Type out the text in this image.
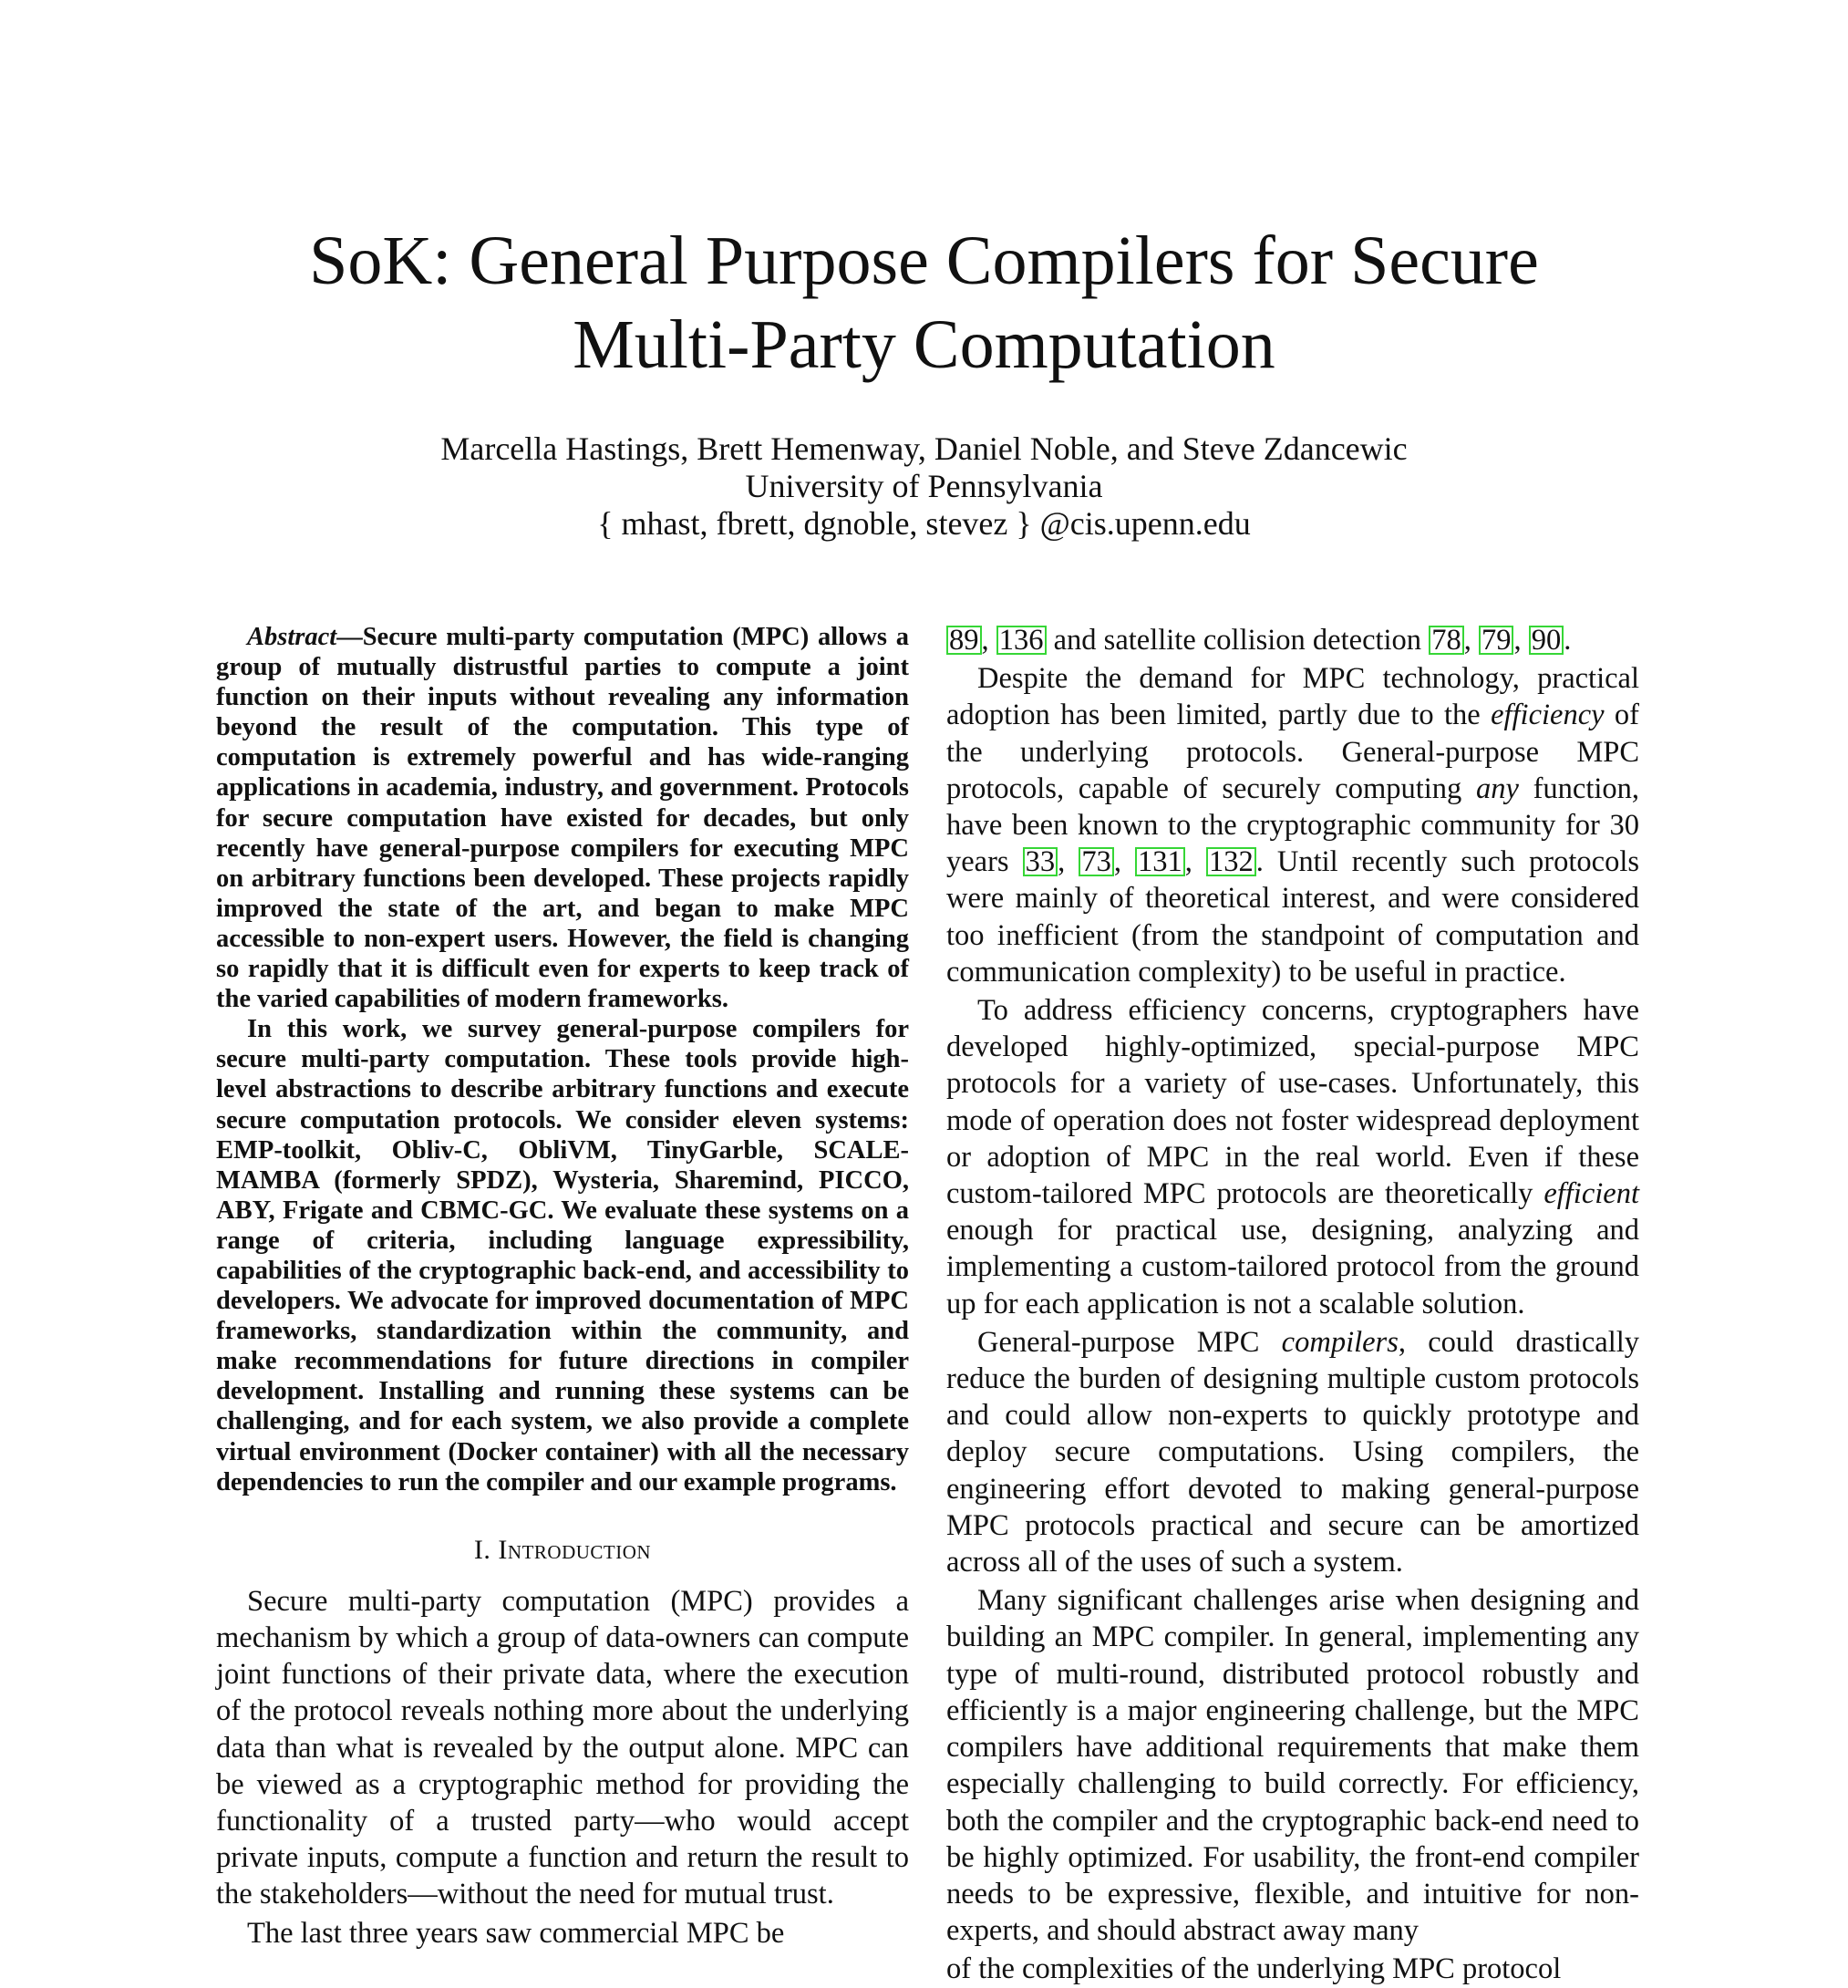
SoK: General Purpose Compilers for Secure
Multi-Party Computation
Marcella Hastings, Brett Hemenway, Daniel Noble, and Steve Zdancewic
University of Pennsylvania
{ mhast, fbrett, dgnoble, stevez } @cis.upenn.edu

Abstract—Secure multi-party computation (MPC) allows a group of mutually distrustful parties to compute a joint function on their inputs without revealing any information beyond the result of the computation. This type of computation is extremely powerful and has wide-ranging applications in academia, industry, and government. Protocols for secure computation have existed for decades, but only recently have general-purpose compilers for executing MPC on arbitrary functions been developed. These projects rapidly improved the state of the art, and began to make MPC accessible to non-expert users. However, the field is changing so rapidly that it is difficult even for experts to keep track of the varied capabilities of modern frameworks.

In this work, we survey general-purpose compilers for secure multi-party computation. These tools provide high-level abstractions to describe arbitrary functions and execute secure computation protocols. We consider eleven systems: EMP-toolkit, Obliv-C, ObliVM, TinyGarble, SCALE-MAMBA (formerly SPDZ), Wysteria, Sharemind, PICCO, ABY, Frigate and CBMC-GC. We evaluate these systems on a range of criteria, including language expressibility, capabilities of the cryptographic back-end, and accessibility to developers. We advocate for improved documentation of MPC frameworks, standardization within the community, and make recommendations for future directions in compiler development. Installing and running these systems can be challenging, and for each system, we also provide a complete virtual environment (Docker container) with all the necessary dependencies to run the compiler and our example programs.

I. Introduction

Secure multi-party computation (MPC) provides a mechanism by which a group of data-owners can compute joint functions of their private data, where the execution of the protocol reveals nothing more about the underlying data than what is revealed by the output alone. MPC can be viewed as a cryptographic method for providing the functionality of a trusted party—who would accept private inputs, compute a function and return the result to the stakeholders—without the need for mutual trust.

The last three years saw commercial MPC be

89, 136 and satellite collision detection 78, 79, 90.

Despite the demand for MPC technology, practical adoption has been limited, partly due to the efficiency of the underlying protocols. General-purpose MPC protocols, capable of securely computing any function, have been known to the cryptographic community for 30 years 33, 73, 131, 132. Until recently such protocols were mainly of theoretical interest, and were considered too inefficient (from the standpoint of computation and communication complexity) to be useful in practice.

To address efficiency concerns, cryptographers have developed highly-optimized, special-purpose MPC protocols for a variety of use-cases. Unfortunately, this mode of operation does not foster widespread deployment or adoption of MPC in the real world. Even if these custom-tailored MPC protocols are theoretically efficient enough for practical use, designing, analyzing and implementing a custom-tailored protocol from the ground up for each application is not a scalable solution.

General-purpose MPC compilers, could drastically reduce the burden of designing multiple custom protocols and could allow non-experts to quickly prototype and deploy secure computations. Using compilers, the engineering effort devoted to making general-purpose MPC protocols practical and secure can be amortized across all of the uses of such a system.

Many significant challenges arise when designing and building an MPC compiler. In general, implementing any type of multi-round, distributed protocol robustly and efficiently is a major engineering challenge, but the MPC compilers have additional requirements that make them especially challenging to build correctly. For efficiency, both the compiler and the cryptographic back-end need to be highly optimized. For usability, the front-end compiler needs to be expressive, flexible, and intuitive for non-experts, and should abstract away many

of the complexities of the underlying MPC protocol
